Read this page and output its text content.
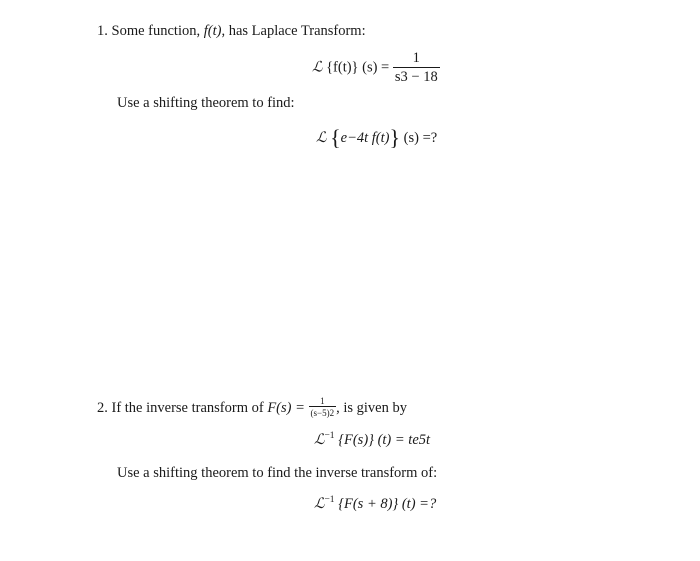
1. Some function, f(t), has Laplace Transform:
ℒ {f(t)} $(s) = \frac{1}{s3 - 18}$
Use a shifting theorem to find:
ℒ {e−4t f(t)} (s) =?
2. If the inverse transform of $F(s) = \frac{1}{(s-5)2}$ , is given by
ℒ$^{-1}$ {F(s)} (t) = te5t
Use a shifting theorem to find the inverse transform of:
ℒ$^{-1}$ {F(s + 8)} (t) =?
